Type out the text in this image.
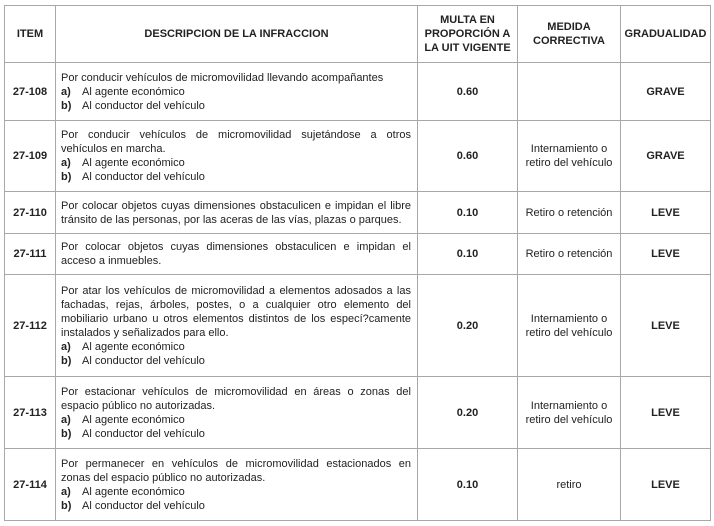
ITEM	DESCRIPCION DE LA INFRACCION	MULTA EN PROPORCIÓN A LA UIT VIGENTE	MEDIDA CORRECTIVA	GRADUALIDAD
27-108	Por conducir vehículos de micromovilidad llevando acompañantes
a) Al agente económico
b) Al conductor del vehículo	0.60		GRAVE
27-109	Por conducir vehículos de micromovilidad sujetándose a otros vehículos en marcha.
a) Al agente económico
b) Al conductor del vehículo	0.60	Internamiento o retiro del vehículo	GRAVE
27-110	Por colocar objetos cuyas dimensiones obstaculicen e impidan el libre tránsito de las personas, por las aceras de las vías, plazas o parques.	0.10	Retiro o retención	LEVE
27-111	Por colocar objetos cuyas dimensiones obstaculicen e impidan el acceso a inmuebles.	0.10	Retiro o retención	LEVE
27-112	Por atar los vehículos de micromovilidad a elementos adosados a las fachadas, rejas, árboles, postes, o a cualquier otro elemento del mobiliario urbano u otros elementos distintos de los especí?camente instalados y señalizados para ello.
a) Al agente económico
b) Al conductor del vehículo	0.20	Internamiento o retiro del vehículo	LEVE
27-113	Por estacionar vehículos de micromovilidad en áreas o zonas del espacio público no autorizadas.
a) Al agente económico
b) Al conductor del vehículo	0.20	Internamiento o retiro del vehículo	LEVE
27-114	Por permanecer en vehículos de micromovilidad estacionados en zonas del espacio público no autorizadas.
a) Al agente económico
b) Al conductor del vehículo	0.10	retiro	LEVE
